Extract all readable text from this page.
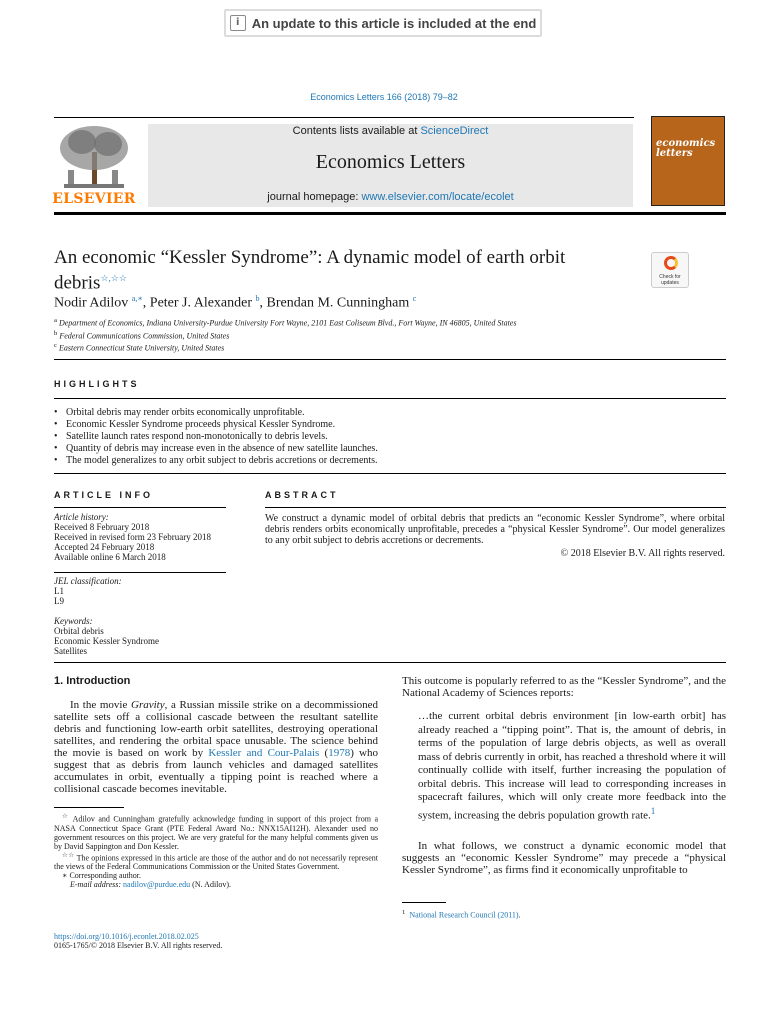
i An update to this article is included at the end
Economics Letters 166 (2018) 79–82
ELSEVIER
Contents lists available at ScienceDirect
Economics Letters
journal homepage: www.elsevier.com/locate/ecolet
economics
letters
An economic “Kessler Syndrome”: A dynamic model of earth orbit
debris☆,☆☆	Check for updates
Nodir Adilov $^{a,∗}$, Peter J. Alexander $^b$, Brendan M. Cunningham $^c$
$^a$ Department of Economics, Indiana University-Purdue University Fort Wayne, 2101 East Coliseum Blvd., Fort Wayne, IN 46805, United States
$^b$ Federal Communications Commission, United States
$^c$ Eastern Connecticut State University, United States
HIGHLIGHTS
• Orbital debris may render orbits economically unprofitable.
• Economic Kessler Syndrome proceeds physical Kessler Syndrome.
• Satellite launch rates respond non-monotonically to debris levels.
• Quantity of debris may increase even in the absence of new satellite launches.
• The model generalizes to any orbit subject to debris accretions or decrements.
ARTICLE INFO
Article history:
Received 8 February 2018
Received in revised form 23 February 2018
Accepted 24 February 2018
Available online 6 March 2018
JEL classification:
L1
L9
Keywords:
Orbital debris
Economic Kessler Syndrome
Satellites
ABSTRACT
We construct a dynamic model of orbital debris that predicts an “economic Kessler Syndrome”, where orbital debris renders orbits economically unprofitable, precedes a “physical Kessler Syndrome”. Our model generalizes to any orbit subject to debris accretions or decrements.
© 2018 Elsevier B.V. All rights reserved.
1. Introduction
In the movie Gravity, a Russian missile strike on a decommissioned satellite sets off a collisional cascade between the resultant satellite debris and functioning low-earth orbit satellites, destroying operational satellites, and rendering the orbital space unusable. The science behind the movie is based on work by Kessler and Cour-Palais (1978) who suggest that as debris from launch vehicles and damaged satellites accumulates in orbit, eventually a tipping point is reached where a collisional cascade becomes inevitable.
☆ Adilov and Cunningham gratefully acknowledge funding in support of this project from a NASA Connecticut Space Grant (PTE Federal Award No.: NNX15AI12H). Alexander used no government resources on this project. We are very grateful for the many helpful comments given us by David Sappington and Don Kessler.
☆☆ The opinions expressed in this article are those of the author and do not necessarily represent the views of the Federal Communications Commission or the United States Government.
∗ Corresponding author.
E-mail address: nadilov@purdue.edu (N. Adilov).
https://doi.org/10.1016/j.econlet.2018.02.025
0165-1765/© 2018 Elsevier B.V. All rights reserved.
This outcome is popularly referred to as the “Kessler Syndrome”, and the National Academy of Sciences reports:
…the current orbital debris environment [in low-earth orbit] has already reached a “tipping point”. That is, the amount of debris, in terms of the population of large debris objects, as well as overall mass of debris currently in orbit, has reached a threshold where it will continually collide with itself, further increasing the population of orbital debris. This increase will lead to corresponding increases in spacecraft failures, which will only create more feedback into the system, increasing the debris population growth rate.$^1$
In what follows, we construct a dynamic economic model that suggests an “economic Kessler Syndrome” may precede a “physical Kessler Syndrome”, as firms find it economically unprofitable to
$^1$ National Research Council (2011).
